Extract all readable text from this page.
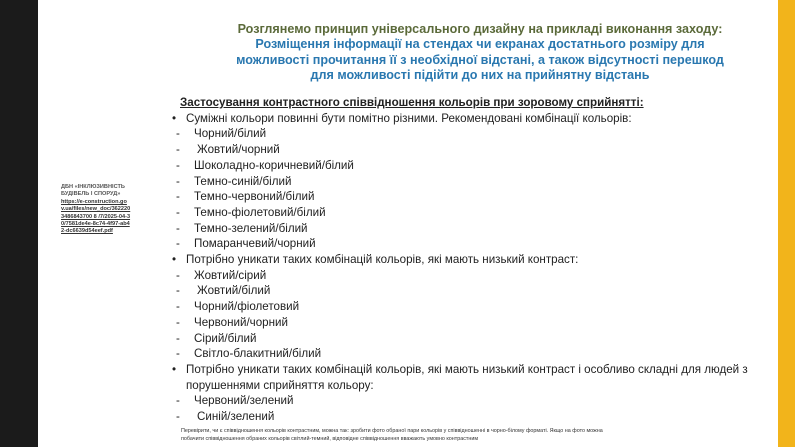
ДБН «ІНКЛЮЗИВНІСТЬ БУДІВЕЛЬ І СПОРУД»
https://e-construction.gov.ua/files/new_doc/3622203486843700 8 /7/2025-04-30/7581de4e-8c74-4f97-ab42-dc6639d54eef.pdf
Розглянемо принцип універсального дизайну на прикладі виконання заходу:
Розміщення інформації на стендах чи екранах достатнього розміру для
можливості прочитання її з необхідної відстані, а також відсутності перешкод
для можливості підійти до них на прийнятну відстань
Застосування контрастного співвідношення кольорів при зоровому сприйнятті:
• Суміжні кольори повинні бути помітно різними. Рекомендовані комбінації кольорів:
-	Чорний/білий
-	Жовтий/чорний
-	Шоколадно-коричневий/білий
-	Темно-синій/білий
-	Темно-червоний/білий
-	Темно-фіолетовий/білий
-	Темно-зелений/білий
-	Помаранчевий/чорний
• Потрібно уникати таких комбінацій кольорів, які мають низький контраст:
-	Жовтий/сірий
-	Жовтий/білий
-	Чорний/фіолетовий
-	Червоний/чорний
-	Сірий/білий
-	Світло-блакитний/білий
• Потрібно уникати таких комбінацій кольорів, які мають низький контраст і особливо складні для людей з
порушеннями сприйняття кольору:
-	Червоний/зелений
-	Синій/зелений
Перевірити, чи є співвідношення кольорів контрастним, можна так: зробити фото обраної пари кольорів у співвідношенні в чорно-білому форматі. Якщо на фото можна
побачити співвідношення обраних кольорів світлий-темний, відповідне співвідношення вважають умовно контрастним
